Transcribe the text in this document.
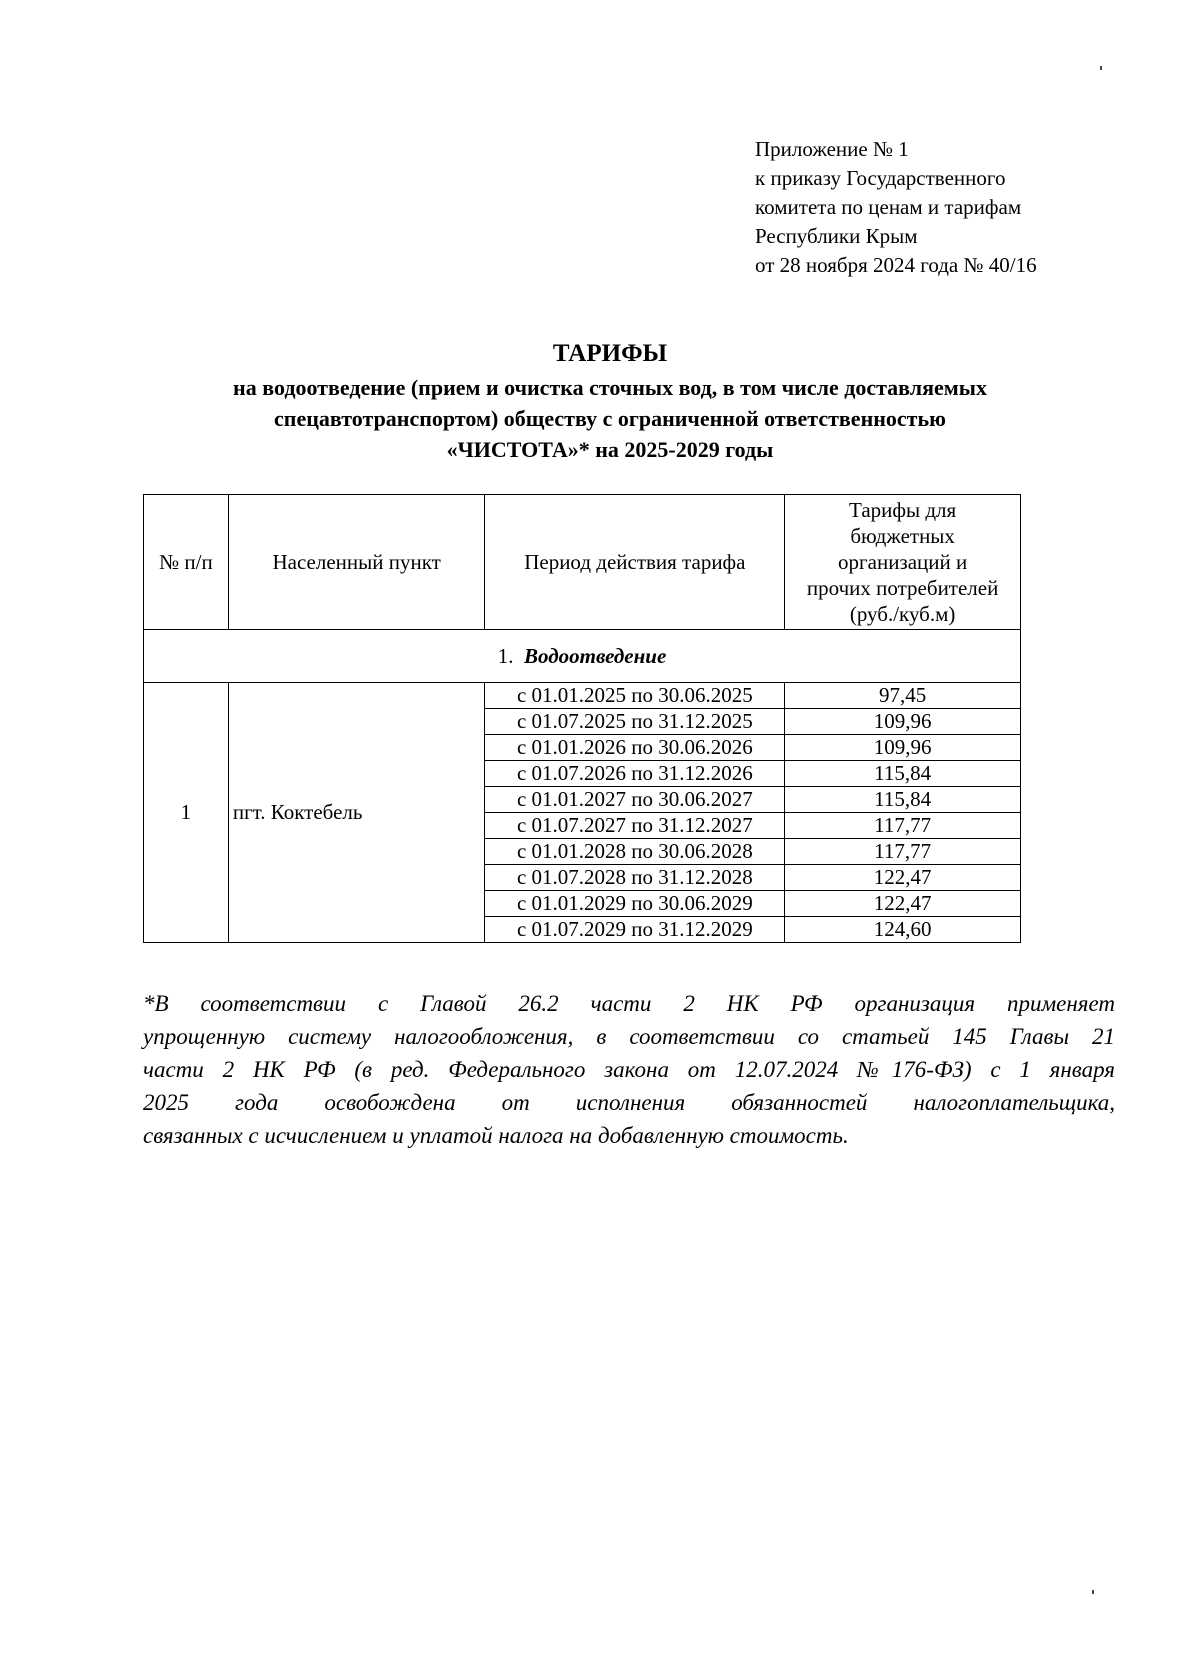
Приложение № 1
к приказу Государственного
комитета по ценам и тарифам
Республики Крым
от 28 ноября 2024 года № 40/16
ТАРИФЫ
на водоотведение (прием и очистка сточных вод, в том числе доставляемых
спецавтотранспортом) обществу с ограниченной ответственностью
«ЧИСТОТА»* на 2025-2029 годы
№ п/п	Населенный пункт	Период действия тарифа	Тарифы для
бюджетных
организаций и
прочих потребителей
(руб./куб.м)

1. Водоотведение			
1	пгт. Коктебель	с 01.01.2025 по 30.06.2025	97,45
		с 01.07.2025 по 31.12.2025	109,96
		с 01.01.2026 по 30.06.2026	109,96
		с 01.07.2026 по 31.12.2026	115,84
		с 01.01.2027 по 30.06.2027	115,84
		с 01.07.2027 по 31.12.2027	117,77
		с 01.01.2028 по 30.06.2028	117,77
		с 01.07.2028 по 31.12.2028	122,47
		с 01.01.2029 по 30.06.2029	122,47
		с 01.07.2029 по 31.12.2029	124,60
*В соответствии с Главой 26.2 части 2 НК РФ организация применяет
упрощенную систему налогообложения, в соответствии со статьей 145 Главы 21
части 2 НК РФ (в ред. Федерального закона от 12.07.2024 №176-ФЗ) с 1 января
2025 года освобождена от исполнения обязанностей налогоплательщика,
связанных с исчислением и уплатой налога на добавленную стоимость.
